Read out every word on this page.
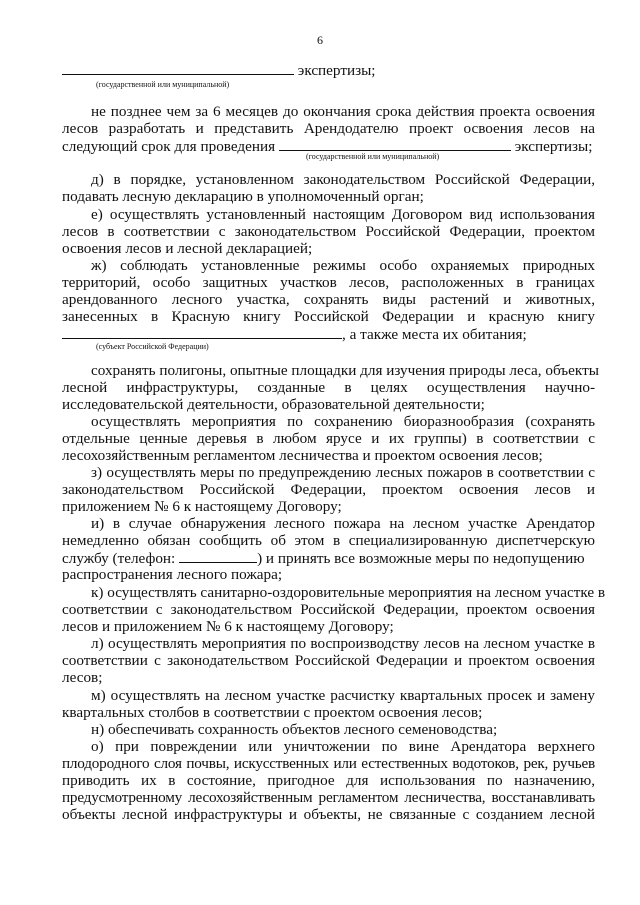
6
экспертизы;
(государственной или муниципальной)
не позднее чем за 6 месяцев до окончания срока действия проекта освоения
лесов разработать и представить Арендодателю проект освоения лесов на
следующий срок для проведения	экспертизы;
(государственной или муниципальной)
д) в порядке, установленном законодательством Российской Федерации,
подавать лесную декларацию в уполномоченный орган;
е) осуществлять установленный настоящим Договором вид использования
лесов в соответствии с законодательством Российской Федерации, проектом
освоения лесов и лесной декларацией;
ж) соблюдать установленные режимы особо охраняемых природных
территорий, особо защитных участков лесов, расположенных в границах
арендованного лесного участка, сохранять виды растений и животных,
занесенных в Красную книгу Российской Федерации и красную книгу
, а также места их обитания;
(субъект Российской Федерации)
сохранять полигоны, опытные площадки для изучения природы леса, объекты
лесной инфраструктуры, созданные в целях осуществления научно-
исследовательской деятельности, образовательной деятельности;
осуществлять мероприятия по сохранению биоразнообразия (сохранять
отдельные ценные деревья в любом ярусе и их группы) в соответствии с
лесохозяйственным регламентом лесничества и проектом освоения лесов;
з) осуществлять меры по предупреждению лесных пожаров в соответствии с
законодательством Российской Федерации, проектом освоения лесов и
приложением № 6 к настоящему Договору;
и) в случае обнаружения лесного пожара на лесном участке Арендатор
немедленно обязан сообщить об этом в специализированную диспетчерскую
службу (телефон:	) и принять все возможные меры по недопущению
распространения лесного пожара;
к) осуществлять санитарно-оздоровительные мероприятия на лесном участке в
соответствии с законодательством Российской Федерации, проектом освоения
лесов и приложением № 6 к настоящему Договору;
л) осуществлять мероприятия по воспроизводству лесов на лесном участке в
соответствии с законодательством Российской Федерации и проектом освоения
лесов;
м) осуществлять на лесном участке расчистку квартальных просек и замену
квартальных столбов в соответствии с проектом освоения лесов;
н) обеспечивать сохранность объектов лесного семеноводства;
о) при повреждении или уничтожении по вине Арендатора верхнего
плодородного слоя почвы, искусственных или естественных водотоков, рек, ручьев
приводить их в состояние, пригодное для использования по назначению,
предусмотренному лесохозяйственным регламентом лесничества, восстанавливать
объекты лесной инфраструктуры и объекты, не связанные с созданием лесной
